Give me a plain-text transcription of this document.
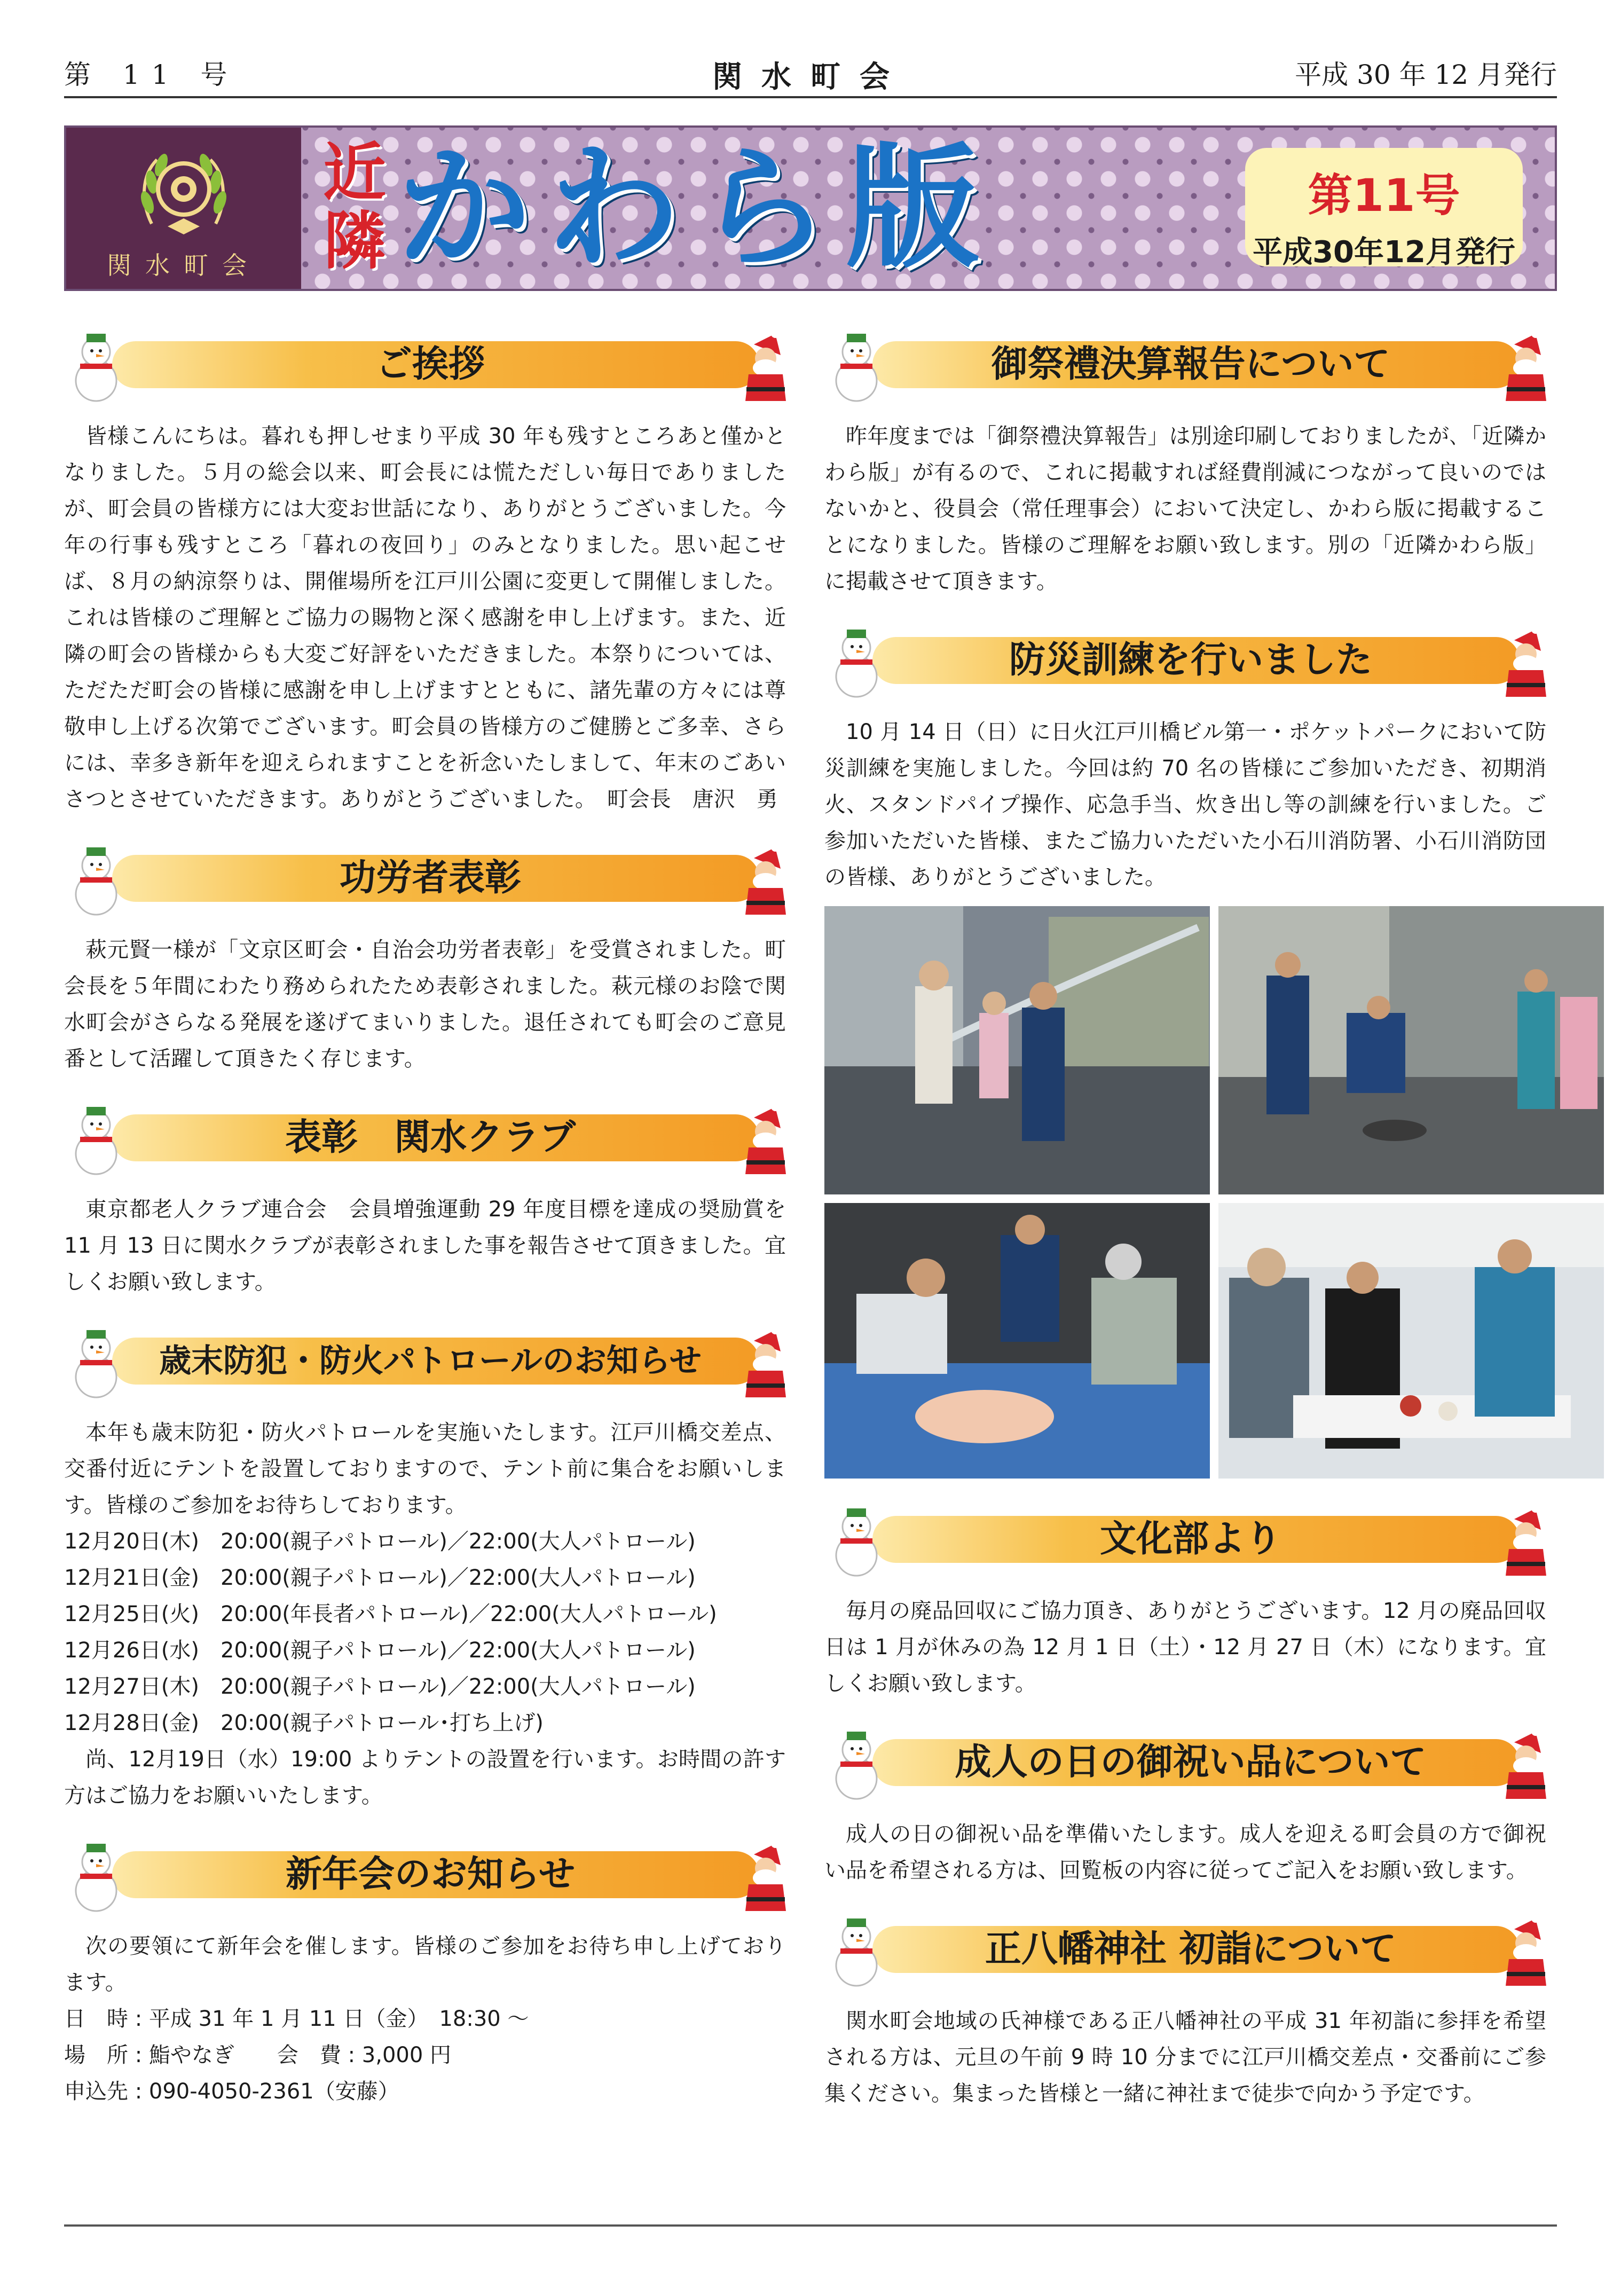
第 11 号	関水町会	平成 30 年 12 月発行
関水町会
近隣 かわら版	第11号
平成30年12月発行
ご挨拶
皆様こんにちは。暮れも押しせまり平成 30 年も残すところあと僅かとなりました。５月の総会以来、町会長には慌ただしい毎日でありましたが、町会員の皆様方には大変お世話になり、ありがとうございました。今年の行事も残すところ「暮れの夜回り」のみとなりました。思い起こせば、８月の納涼祭りは、開催場所を江戸川公園に変更して開催しました。これは皆様のご理解とご協力の賜物と深く感謝を申し上げます。また、近隣の町会の皆様からも大変ご好評をいただきました。本祭りについては、ただただ町会の皆様に感謝を申し上げますとともに、諸先輩の方々には尊敬申し上げる次第でございます。町会員の皆様方のご健勝とご多幸、さらには、幸多き新年を迎えられますことを祈念いたしまして、年末のごあいさつとさせていただきます。ありがとうございました。　町会長　唐沢　勇
功労者表彰
萩元賢一様が「文京区町会・自治会功労者表彰」を受賞されました。町会長を５年間にわたり務められたため表彰されました。萩元様のお陰で関水町会がさらなる発展を遂げてまいりました。退任されても町会のご意見番として活躍して頂きたく存じます。
表彰　関水クラブ
東京都老人クラブ連合会　会員増強運動 29 年度目標を達成の奨励賞を 11 月 13 日に関水クラブが表彰されました事を報告させて頂きました。宜しくお願い致します。
歳末防犯・防火パトロールのお知らせ
本年も歳末防犯・防火パトロールを実施いたします。江戸川橋交差点、交番付近にテントを設置しておりますので、テント前に集合をお願いします。皆様のご参加をお待ちしております。
12月20日(木)　20:00(親子パトロール)／22:00(大人パトロール)
12月21日(金)　20:00(親子パトロール)／22:00(大人パトロール)
12月25日(火)　20:00(年長者パトロール)／22:00(大人パトロール)
12月26日(水)　20:00(親子パトロール)／22:00(大人パトロール)
12月27日(木)　20:00(親子パトロール)／22:00(大人パトロール)
12月28日(金)　20:00(親子パトロール･打ち上げ)
尚、12月19日（水）19:00 よりテントの設置を行います。お時間の許す方はご協力をお願いいたします。
新年会のお知らせ
次の要領にて新年会を催します。皆様のご参加をお待ち申し上げております。
日　時 : 平成 31 年 1 月 11 日（金）　18:30 〜
場　所 : 鮨やなぎ　　会　費 : 3,000 円
申込先 : 090-4050-2361（安藤）
御祭禮決算報告について
昨年度までは「御祭禮決算報告」は別途印刷しておりましたが､「近隣かわら版」が有るので、これに掲載すれば経費削減につながって良いのではないかと、役員会（常任理事会）において決定し、かわら版に掲載することになりました。皆様のご理解をお願い致します。別の「近隣かわら版」に掲載させて頂きます。
防災訓練を行いました
10 月 14 日（日）に日火江戸川橋ビル第一・ポケットパークにおいて防災訓練を実施しました。今回は約 70 名の皆様にご参加いただき、初期消火、スタンドパイプ操作、応急手当、炊き出し等の訓練を行いました。ご参加いただいた皆様、またご協力いただいた小石川消防署、小石川消防団の皆様、ありがとうございました。
文化部より
毎月の廃品回収にご協力頂き、ありがとうございます。12 月の廃品回収日は 1 月が休みの為 12 月 1 日（土）・12 月 27 日（木）になります。宜しくお願い致します。
成人の日の御祝い品について
成人の日の御祝い品を準備いたします。成人を迎える町会員の方で御祝い品を希望される方は、回覧板の内容に従ってご記入をお願い致します。
正八幡神社 初詣について
関水町会地域の氏神様である正八幡神社の平成 31 年初詣に参拝を希望される方は、元旦の午前 9 時 10 分までに江戸川橋交差点・交番前にご参集ください。集まった皆様と一緒に神社まで徒歩で向かう予定です。
